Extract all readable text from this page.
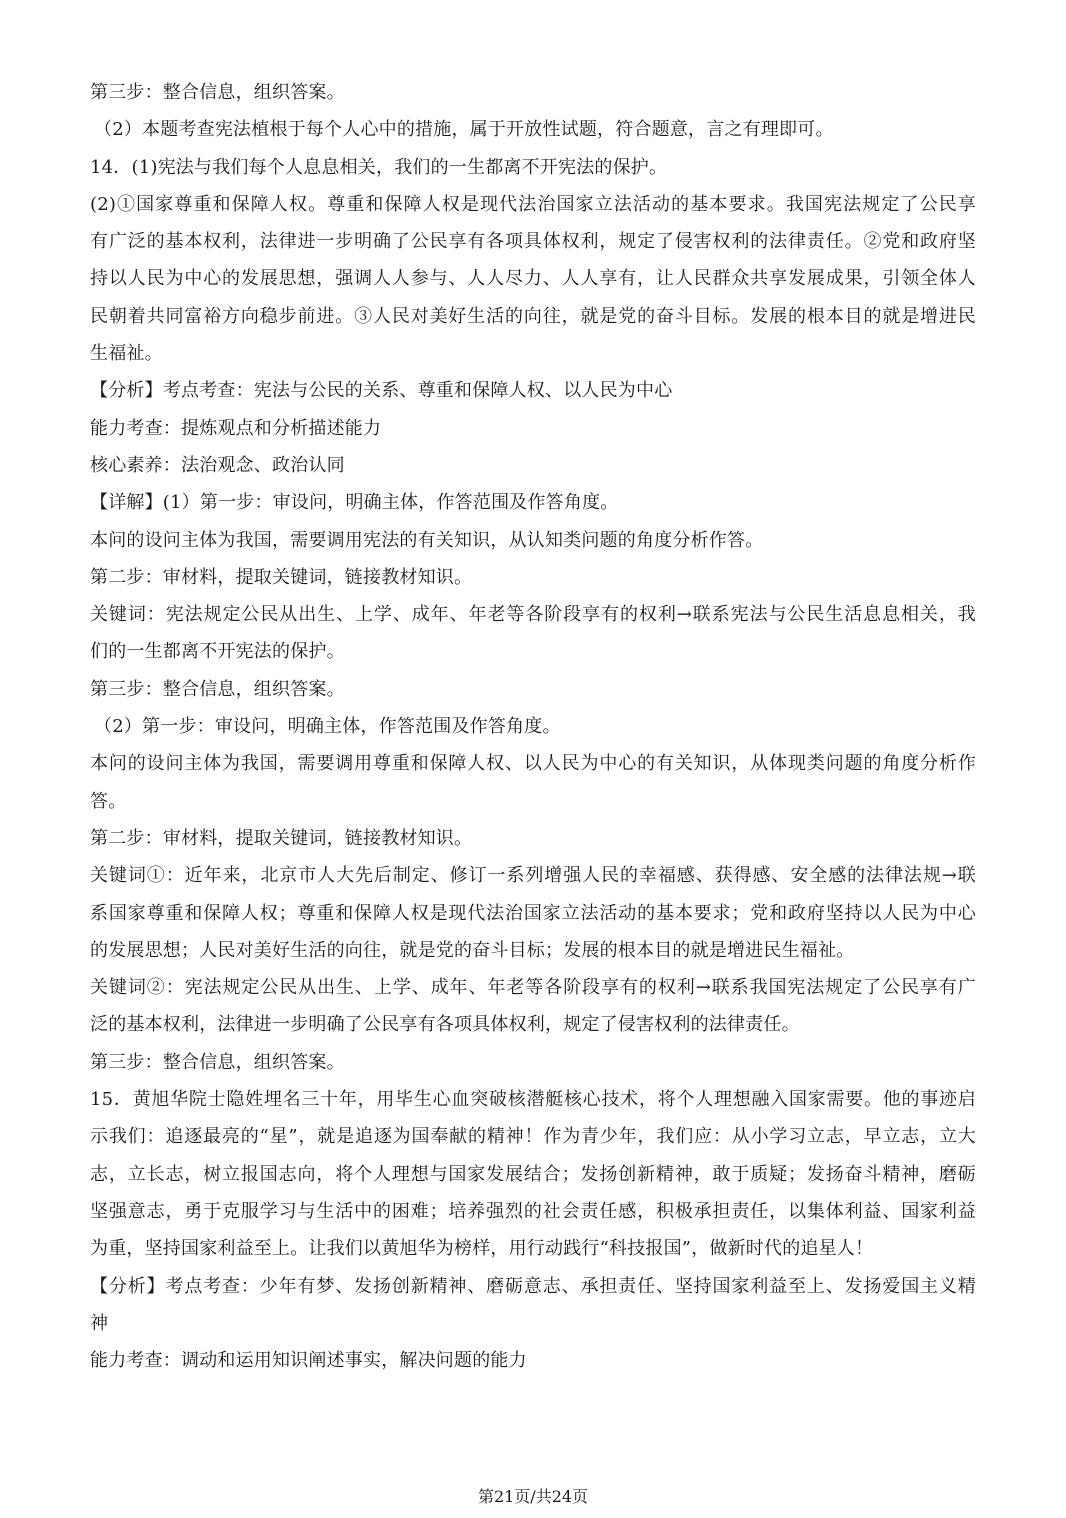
第三步：整合信息，组织答案。
（2）本题考查宪法植根于每个人心中的措施，属于开放性试题，符合题意，言之有理即可。
14．(1)宪法与我们每个人息息相关，我们的一生都离不开宪法的保护。
(2)①国家尊重和保障人权。尊重和保障人权是现代法治国家立法活动的基本要求。我国宪法规定了公民享
有广泛的基本权利，法律进一步明确了公民享有各项具体权利，规定了侵害权利的法律责任。②党和政府坚
持以人民为中心的发展思想，强调人人参与、人人尽力、人人享有，让人民群众共享发展成果，引领全体人
民朝着共同富裕方向稳步前进。③人民对美好生活的向往，就是党的奋斗目标。发展的根本目的就是增进民
生福祉。
【分析】考点考查：宪法与公民的关系、尊重和保障人权、以人民为中心
能力考查：提炼观点和分析描述能力
核心素养：法治观念、政治认同
【详解】(1）第一步：审设问，明确主体，作答范围及作答角度。
本问的设问主体为我国，需要调用宪法的有关知识，从认知类问题的角度分析作答。
第二步：审材料，提取关键词，链接教材知识。
关键词：宪法规定公民从出生、上学、成年、年老等各阶段享有的权利→联系宪法与公民生活息息相关，我
们的一生都离不开宪法的保护。
第三步：整合信息，组织答案。
（2）第一步：审设问，明确主体，作答范围及作答角度。
本问的设问主体为我国，需要调用尊重和保障人权、以人民为中心的有关知识，从体现类问题的角度分析作
答。
第二步：审材料，提取关键词，链接教材知识。
关键词①：近年来，北京市人大先后制定、修订一系列增强人民的幸福感、获得感、安全感的法律法规→联
系国家尊重和保障人权；尊重和保障人权是现代法治国家立法活动的基本要求；党和政府坚持以人民为中心
的发展思想；人民对美好生活的向往，就是党的奋斗目标；发展的根本目的就是增进民生福祉。
关键词②：宪法规定公民从出生、上学、成年、年老等各阶段享有的权利→联系我国宪法规定了公民享有广
泛的基本权利，法律进一步明确了公民享有各项具体权利，规定了侵害权利的法律责任。
第三步：整合信息，组织答案。
15．黄旭华院士隐姓埋名三十年，用毕生心血突破核潜艇核心技术，将个人理想融入国家需要。他的事迹启
示我们：追逐最亮的“星”，就是追逐为国奉献的精神！作为青少年，我们应：从小学习立志，早立志，立大
志，立长志，树立报国志向，将个人理想与国家发展结合；发扬创新精神，敢于质疑；发扬奋斗精神，磨砺
坚强意志，勇于克服学习与生活中的困难；培养强烈的社会责任感，积极承担责任，以集体利益、国家利益
为重，坚持国家利益至上。让我们以黄旭华为榜样，用行动践行“科技报国”，做新时代的追星人！
【分析】考点考查：少年有梦、发扬创新精神、磨砺意志、承担责任、坚持国家利益至上、发扬爱国主义精
神
能力考查：调动和运用知识阐述事实，解决问题的能力
第21页/共24页
